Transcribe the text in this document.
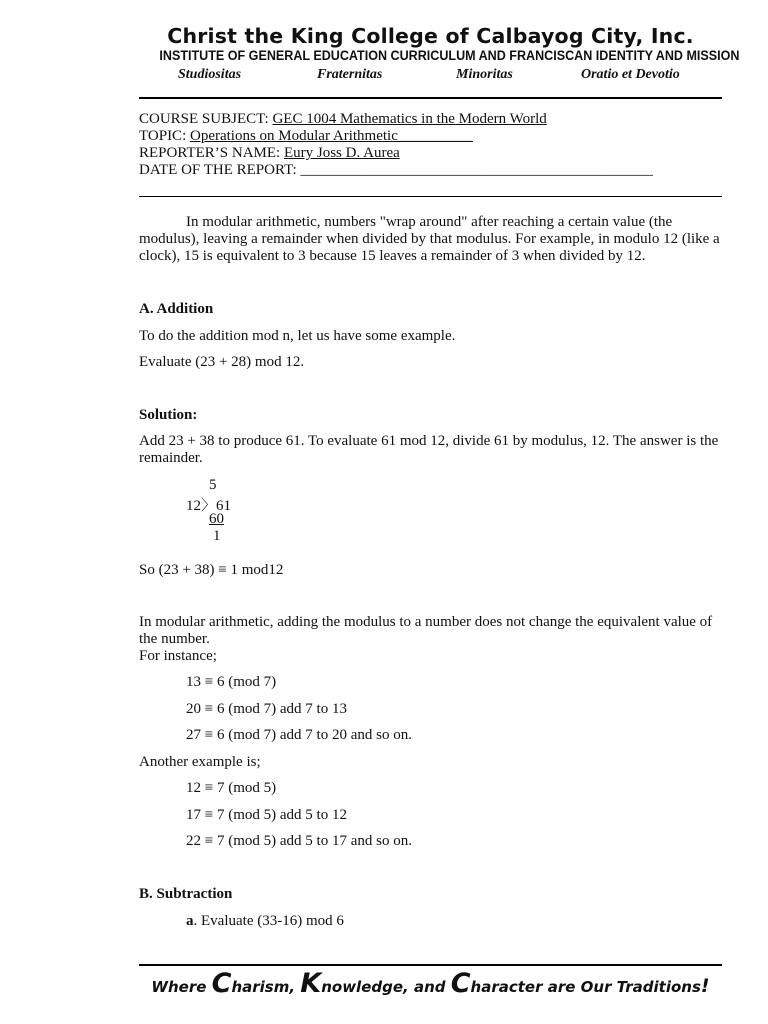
Christ the King College of Calbayog City, Inc.
INSTITUTE OF GENERAL EDUCATION CURRICULUM AND FRANCISCAN IDENTITY AND MISSION
Studiositas	Fraternitas	Minoritas	Oratio et Devotio
COURSE SUBJECT: GEC 1004 Mathematics in the Modern World
TOPIC: Operations on Modular Arithmetic__________
REPORTER’S NAME: Eury Joss D. Aurea
DATE OF THE REPORT: _______________________________________________
In modular arithmetic, numbers "wrap around" after reaching a certain value (the modulus), leaving a remainder when divided by that modulus. For example, in modulo 12 (like a clock), 15 is equivalent to 3 because 15 leaves a remainder of 3 when divided by 12.
A. Addition
To do the addition mod n, let us have some example.
Evaluate (23 + 28) mod 12.
Solution:
Add 23 + 38 to produce 61. To evaluate 61 mod 12, divide 61 by modulus, 12. The answer is the remainder.
5
12〉61
60
1
So (23 + 38) ≡ 1 mod12
In modular arithmetic, adding the modulus to a number does not change the equivalent value of the number.
For instance;
13 ≡ 6 (mod 7)
20 ≡ 6 (mod 7) add 7 to 13
27 ≡ 6 (mod 7) add 7 to 20 and so on.
Another example is;
12 ≡ 7 (mod 5)
17 ≡ 7 (mod 5) add 5 to 12
22 ≡ 7 (mod 5) add 5 to 17 and so on.
B. Subtraction
a. Evaluate (33-16) mod 6
Where Charism, Knowledge, and Character are Our Traditions!
